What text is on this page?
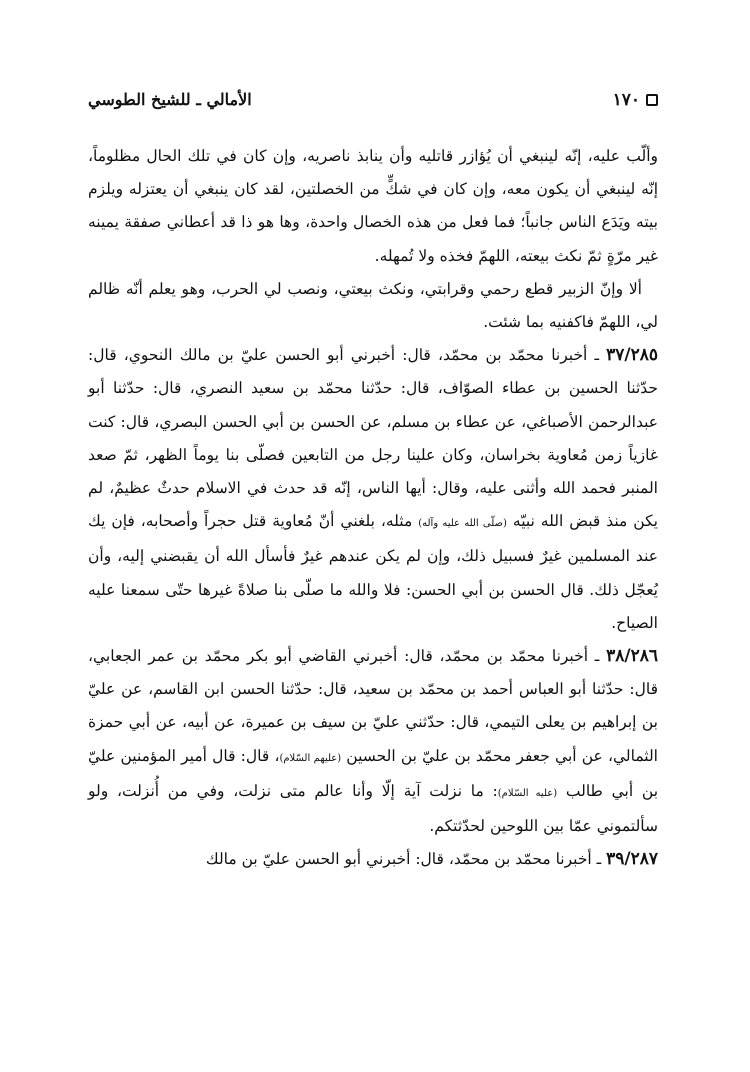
١٧٠
الأمالي ـ للشيخ الطوسي

وألّب عليه، إنّه لينبغي أن يُؤازر قاتليه وأن ينابذ ناصريه، وإن كان في تلك الحال مظلوماً، إنّه لينبغي أن يكون معه، وإن كان في شكٍّ من الخصلتين، لقد كان ينبغي أن يعتزله ويلزم بيته ويَدَع الناس جانباً؛ فما فعل من هذه الخصال واحدة، وها هو ذا قد أعطاني صفقة يمينه غير مرّةٍ ثمّ نكث بيعته، اللهمّ فخذه ولا تُمهله.

ألا وإنّ الزبير قطع رحمي وقرابتي، ونكث بيعتي، ونصب لي الحرب، وهو يعلم أنّه ظالم لي، اللهمّ فاكفنيه بما شئت.

٣٧/٢٨٥ ـ أخبرنا محمّد بن محمّد، قال: أخبرني أبو الحسن عليّ بن مالك النحوي، قال: حدّثنا الحسين بن عطاء الصوّاف، قال: حدّثنا محمّد بن سعيد النصري، قال: حدّثنا أبو عبدالرحمن الأصباغي، عن عطاء بن مسلم، عن الحسن بن أبي الحسن البصري، قال: كنت غازياً زمن مُعاوية بخراسان، وكان علينا رجل من التابعين فصلّى بنا يوماً الظهر، ثمّ صعد المنبر فحمد الله وأثنى عليه، وقال: أيها الناس، إنّه قد حدث في الاسلام حدثٌ عظيمٌ، لم يكن منذ قبض الله نبيّه (صلّى الله عليه وآله) مثله، بلغني أنّ مُعاوية قتل حجراً وأصحابه، فإن يك عند المسلمين غيرٌ فسبيل ذلك، وإن لم يكن عندهم غيرٌ فأسأل الله أن يقبضني إليه، وأن يُعجّل ذلك. قال الحسن بن أبي الحسن: فلا والله ما صلّى بنا صلاةً غيرها حتّى سمعنا عليه الصياح.

٣٨/٢٨٦ ـ أخبرنا محمّد بن محمّد، قال: أخبرني القاضي أبو بكر محمّد بن عمر الجعابي، قال: حدّثنا أبو العباس أحمد بن محمّد بن سعيد، قال: حدّثنا الحسن ابن القاسم، عن عليّ بن إبراهيم بن يعلى التيمي، قال: حدّثني عليّ بن سيف بن عميرة، عن أبيه، عن أبي حمزة الثمالي، عن أبي جعفر محمّد بن عليّ بن الحسين (عليهم السّلام)، قال: قال أمير المؤمنين عليّ بن أبي طالب (عليه السّلام): ما نزلت آية إلّا وأنا عالم متى نزلت، وفي من أُنزلت، ولو سألتموني عمّا بين اللوحين لحدّثتكم.

٣٩/٢٨٧ ـ أخبرنا محمّد بن محمّد، قال: أخبرني أبو الحسن عليّ بن مالك
